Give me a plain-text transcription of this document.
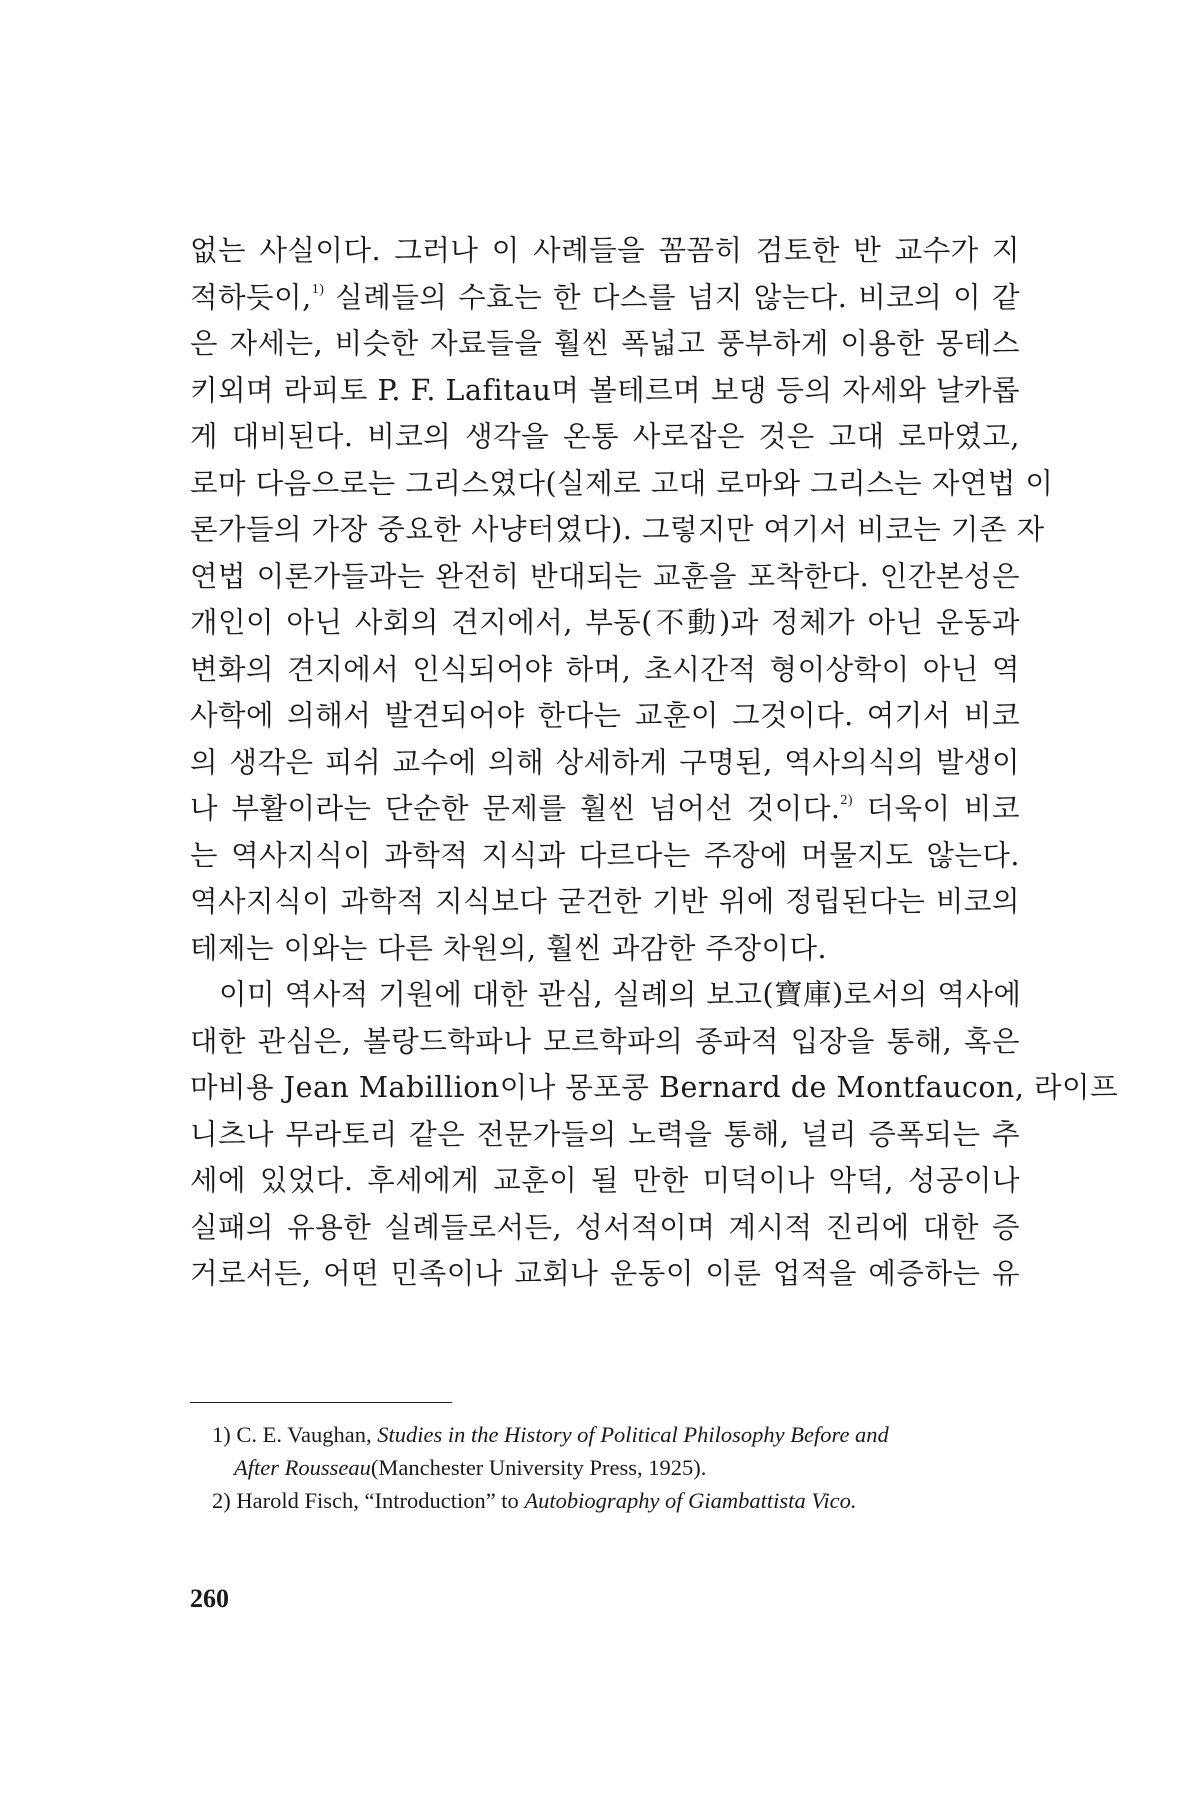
없는 사실이다. 그러나 이 사례들을 꼼꼼히 검토한 반 교수가 지
적하듯이,$^{1)}$ 실례들의 수효는 한 다스를 넘지 않는다. 비코의 이 같
은 자세는, 비슷한 자료들을 훨씬 폭넓고 풍부하게 이용한 몽테스
키외며 라피토 P. F. Lafitau며 볼테르며 보댕 등의 자세와 날카롭
게 대비된다. 비코의 생각을 온통 사로잡은 것은 고대 로마였고,
로마 다음으로는 그리스였다(실제로 고대 로마와 그리스는 자연법 이
론가들의 가장 중요한 사냥터였다). 그렇지만 여기서 비코는 기존 자
연법 이론가들과는 완전히 반대되는 교훈을 포착한다. 인간본성은
개인이 아닌 사회의 견지에서, 부동(不動)과 정체가 아닌 운동과
변화의 견지에서 인식되어야 하며, 초시간적 형이상학이 아닌 역
사학에 의해서 발견되어야 한다는 교훈이 그것이다. 여기서 비코
의 생각은 피쉬 교수에 의해 상세하게 구명된, 역사의식의 발생이
나 부활이라는 단순한 문제를 훨씬 넘어선 것이다.$^{2)}$ 더욱이 비코
는 역사지식이 과학적 지식과 다르다는 주장에 머물지도 않는다.
역사지식이 과학적 지식보다 굳건한 기반 위에 정립된다는 비코의
테제는 이와는 다른 차원의, 훨씬 과감한 주장이다.
이미 역사적 기원에 대한 관심, 실례의 보고(寶庫)로서의 역사에
대한 관심은, 볼랑드학파나 모르학파의 종파적 입장을 통해, 혹은
마비용 Jean Mabillion이나 몽포콩 Bernard de Montfaucon, 라이프
니츠나 무라토리 같은 전문가들의 노력을 통해, 널리 증폭되는 추
세에 있었다. 후세에게 교훈이 될 만한 미덕이나 악덕, 성공이나
실패의 유용한 실례들로서든, 성서적이며 계시적 진리에 대한 증
거로서든, 어떤 민족이나 교회나 운동이 이룬 업적을 예증하는 유
1) C. E. Vaughan, Studies in the History of Political Philosophy Before and
After Rousseau(Manchester University Press, 1925).
2) Harold Fisch, “Introduction” to Autobiography of Giambattista Vico.
260
